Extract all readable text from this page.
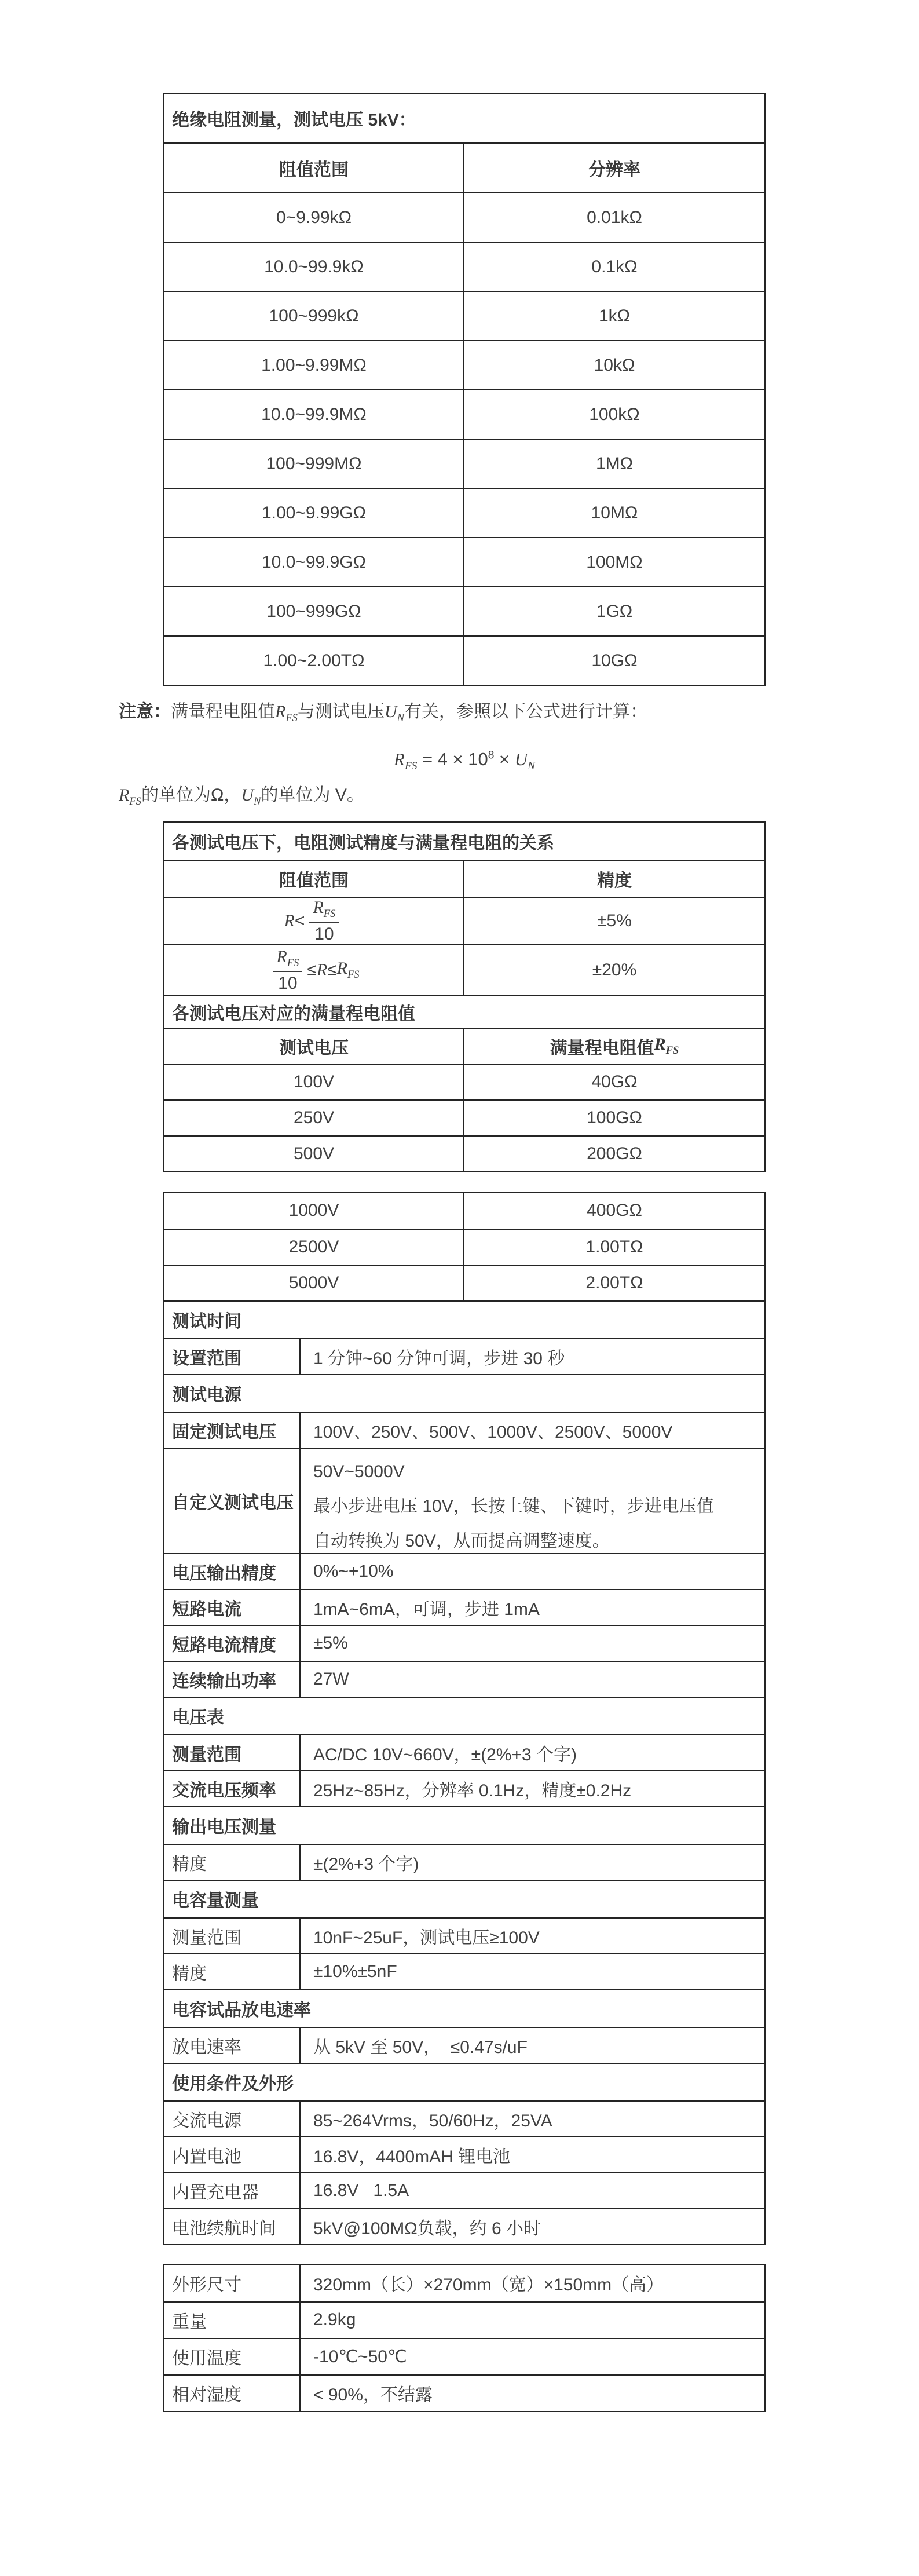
绝缘电阻测量，测试电压 5kV：
阻值范围	分辨率
0~9.99kΩ	0.01kΩ
10.0~99.9kΩ	0.1kΩ
100~999kΩ	1kΩ
1.00~9.99MΩ	10kΩ
10.0~99.9MΩ	100kΩ
100~999MΩ	1MΩ
1.00~9.99GΩ	10MΩ
10.0~99.9GΩ	100MΩ
100~999GΩ	1GΩ
1.00~2.00TΩ	10GΩ

注意：满量程电阻值$R_{FS}$与测试电压$U_N$有关，参照以下公式进行计算：

$R_{FS} = 4 \times 10^8 \times U_N$

$R_{FS}$的单位为Ω，$U_N$的单位为 V。

各测试电压下，电阻测试精度与满量程电阻的关系
阻值范围	精度
$R < \frac{R_{FS}}{10}$	±5%
$\frac{R_{FS}}{10} \le R \le R_{FS}$	±20%
各测试电压对应的满量程电阻值
测试电压	满量程电阻值 $R_{FS}$
100V	40GΩ
250V	100GΩ
500V	200GΩ
1000V	400GΩ
2500V	1.00TΩ
5000V	2.00TΩ
测试时间
设置范围	1 分钟~60 分钟可调，步进 30 秒
测试电源
固定测试电压	100V、250V、500V、1000V、2500V、5000V
自定义测试电压
50V~5000V
最小步进电压 10V，长按上键、下键时，步进电压值自动转换为 50V，从而提高调整速度。
电压输出精度	0%~+10%
短路电流	1mA~6mA，可调，步进 1mA
短路电流精度	±5%
连续输出功率	27W
电压表
测量范围	AC/DC 10V~660V，±(2%+3 个字)
交流电压频率	25Hz~85Hz，分辨率 0.1Hz，精度±0.2Hz
输出电压测量
精度	±(2%+3 个字)
电容量测量
测量范围	10nF~25uF，测试电压≥100V
精度	±10%±5nF
电容试品放电速率
放电速率	从 5kV 至 50V，  ≤0.47s/uF
使用条件及外形
交流电源	85~264Vrms，50/60Hz，25VA
内置电池	16.8V，4400mAH 锂电池
内置充电器	16.8V   1.5A
电池续航时间	5kV@100MΩ负载，约 6 小时
外形尺寸	320mm（长）×270mm（宽）×150mm（高）
重量	2.9kg
使用温度	-10℃~50℃
相对湿度	< 90%，不结露
